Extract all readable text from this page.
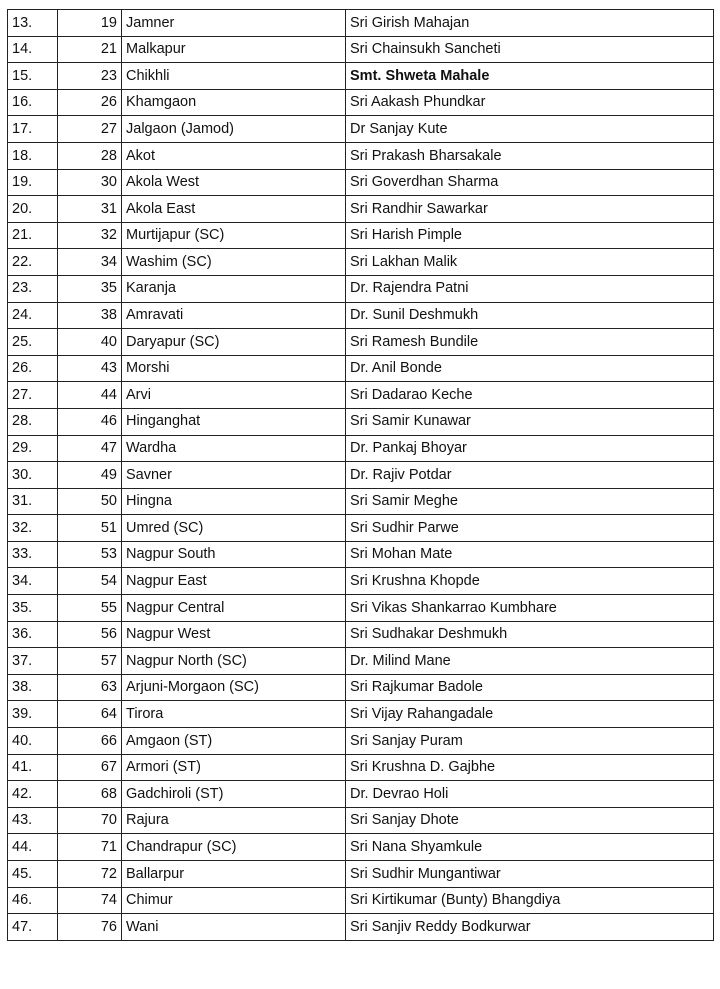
13.	19	Jamner	Sri Girish Mahajan
14.	21	Malkapur	Sri Chainsukh Sancheti
15.	23	Chikhli	Smt. Shweta Mahale
16.	26	Khamgaon	Sri Aakash Phundkar
17.	27	Jalgaon (Jamod)	Dr Sanjay Kute
18.	28	Akot	Sri Prakash Bharsakale
19.	30	Akola West	Sri Goverdhan Sharma
20.	31	Akola East	Sri Randhir Sawarkar
21.	32	Murtijapur (SC)	Sri Harish Pimple
22.	34	Washim (SC)	Sri Lakhan Malik
23.	35	Karanja	Dr. Rajendra Patni
24.	38	Amravati	Dr. Sunil Deshmukh
25.	40	Daryapur (SC)	Sri Ramesh Bundile
26.	43	Morshi	Dr. Anil Bonde
27.	44	Arvi	Sri Dadarao Keche
28.	46	Hinganghat	Sri Samir Kunawar
29.	47	Wardha	Dr. Pankaj Bhoyar
30.	49	Savner	Dr. Rajiv Potdar
31.	50	Hingna	Sri Samir Meghe
32.	51	Umred (SC)	Sri Sudhir Parwe
33.	53	Nagpur South	Sri Mohan Mate
34.	54	Nagpur East	Sri Krushna Khopde
35.	55	Nagpur Central	Sri Vikas Shankarrao Kumbhare
36.	56	Nagpur West	Sri Sudhakar Deshmukh
37.	57	Nagpur North (SC)	Dr. Milind Mane
38.	63	Arjuni-Morgaon (SC)	Sri Rajkumar Badole
39.	64	Tirora	Sri Vijay Rahangadale
40.	66	Amgaon (ST)	Sri Sanjay Puram
41.	67	Armori (ST)	Sri Krushna D. Gajbhe
42.	68	Gadchiroli (ST)	Dr. Devrao Holi
43.	70	Rajura	Sri Sanjay Dhote
44.	71	Chandrapur (SC)	Sri Nana Shyamkule
45.	72	Ballarpur	Sri Sudhir Mungantiwar
46.	74	Chimur	Sri Kirtikumar (Bunty) Bhangdiya
47.	76	Wani	Sri Sanjiv Reddy Bodkurwar
